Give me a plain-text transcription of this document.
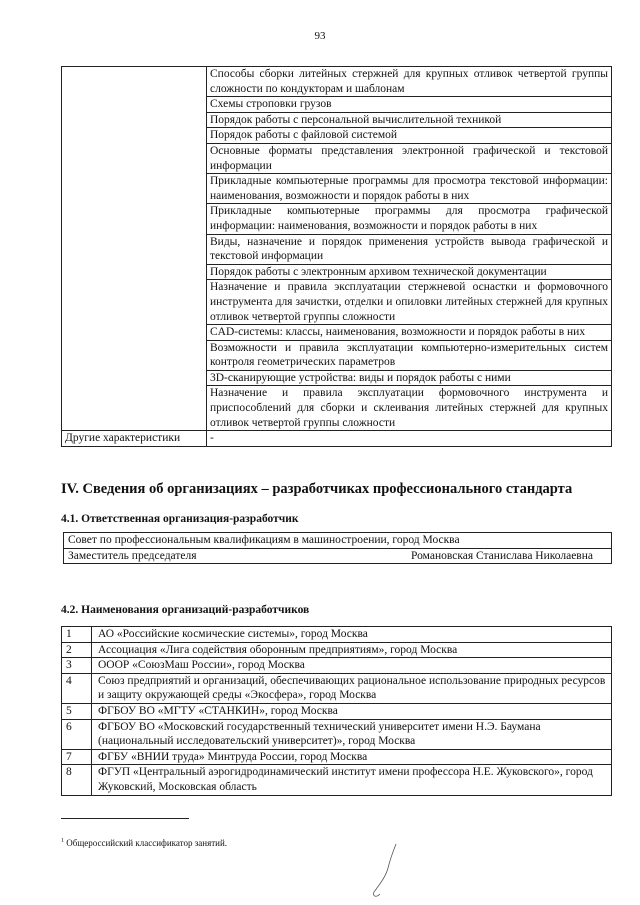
93
	Способы сборки литейных стержней для крупных отливок четвертой группы сложности по кондукторам и шаблонам
	Схемы строповки грузов
	Порядок работы с персональной вычислительной техникой
	Порядок работы с файловой системой
	Основные форматы представления электронной графической и текстовой информации
	Прикладные компьютерные программы для просмотра текстовой информации: наименования, возможности и порядок работы в них
	Прикладные компьютерные программы для просмотра графической информации: наименования, возможности и порядок работы в них
	Виды, назначение и порядок применения устройств вывода графической и текстовой информации
	Порядок работы с электронным архивом технической документации
	Назначение и правила эксплуатации стержневой оснастки и формовочного инструмента для зачистки, отделки и опиловки литейных стержней для крупных отливок четвертой группы сложности
	CAD-системы: классы, наименования, возможности и порядок работы в них
	Возможности и правила эксплуатации компьютерно-измерительных систем контроля геометрических параметров
	3D-сканирующие устройства: виды и порядок работы с ними
	Назначение и правила эксплуатации формовочного инструмента и приспособлений для сборки и склеивания литейных стержней для крупных отливок четвертой группы сложности
Другие характеристики	-
IV. Сведения об организациях – разработчиках профессионального стандарта
4.1. Ответственная организация-разработчик
Совет по профессиональным квалификациям в машиностроении, город Москва

Заместитель председателя	Романовская Станислава Николаевна
4.2. Наименования организаций-разработчиков
1	АО «Российские космические системы», город Москва
2	Ассоциация «Лига содействия оборонным предприятиям», город Москва
3	ОООР «СоюзМаш России», город Москва
4	Союз предприятий и организаций, обеспечивающих рациональное использование природных ресурсов и защиту окружающей среды «Экосфера», город Москва
5	ФГБОУ ВО «МГТУ «СТАНКИН», город Москва
6	ФГБОУ ВО «Московский государственный технический университет имени Н.Э. Баумана (национальный исследовательский университет)», город Москва
7	ФГБУ «ВНИИ труда» Минтруда России, город Москва
8	ФГУП «Центральный аэрогидродинамический институт имени профессора Н.Е. Жуковского», город Жуковский, Московская область
$^1$ Общероссийский классификатор занятий.
